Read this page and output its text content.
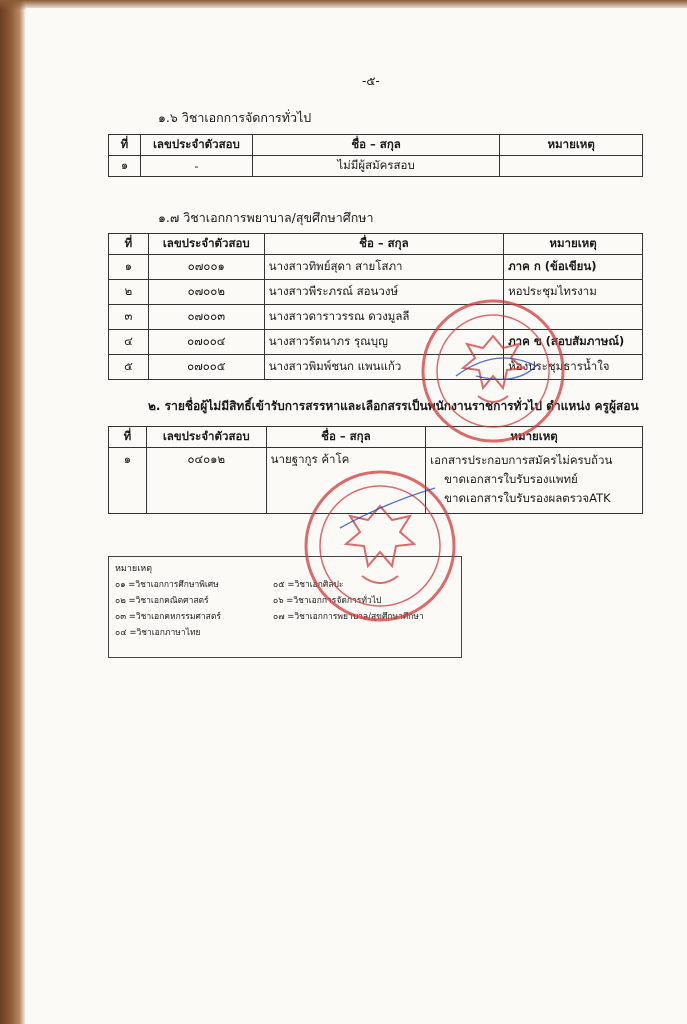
-๕-
๑.๖ วิชาเอกการจัดการทั่วไป
ที่	เลขประจำตัวสอบ	ชื่อ – สกุล	หมายเหตุ
๑	-	ไม่มีผู้สมัครสอบ	
๑.๗ วิชาเอกการพยาบาล/สุขศึกษาศึกษา
ที่	เลขประจำตัวสอบ	ชื่อ – สกุล	หมายเหตุ
๑	๐๗๐๐๑	นางสาวทิพย์สุดา สายโสภา	ภาค ก (ข้อเขียน)
๒	๐๗๐๐๒	นางสาวพีระภรณ์ สอนวงษ์	หอประชุมไทรงาม
๓	๐๗๐๐๓	นางสาวดาราวรรณ ดวงมูลลี	
๔	๐๗๐๐๔	นางสาวรัตนาภร รุณบุญ	ภาค ข (สอบสัมภาษณ์)
๕	๐๗๐๐๕	นางสาวพิมพ์ชนก แพนแก้ว	ห้องประชุมธารน้ำใจ
๒. รายชื่อผู้ไม่มีสิทธิ์เข้ารับการสรรหาและเลือกสรรเป็นพนักงานราชการทั่วไป ตำแหน่ง ครูผู้สอน
ที่	เลขประจำตัวสอบ	ชื่อ – สกุล	หมายเหตุ
๑	๐๔๐๑๒	นายฐากูร ค้าโค	เอกสารประกอบการสมัครไม่ครบถ้วน
ขาดเอกสารใบรับรองแพทย์
ขาดเอกสารใบรับรองผลตรวจATK
หมายเหตุ
๐๑ =วิชาเอกการศึกษาพิเศษ
๐๒ =วิชาเอกคณิตศาสตร์
๐๓ =วิชาเอกคหกรรมศาสตร์
๐๔ =วิชาเอกภาษาไทย
๐๕ =วิชาเอกศิลปะ
๐๖ =วิชาเอกการจัดการทั่วไป
๐๗ =วิชาเอกการพยาบาล/สุขศึกษาศึกษา
